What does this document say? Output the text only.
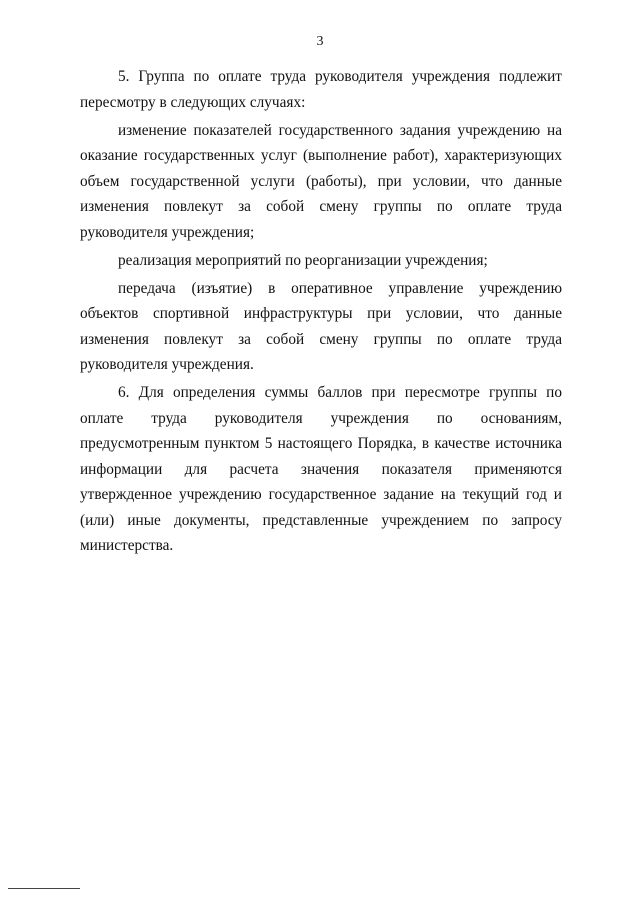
3

5. Группа по оплате труда руководителя учреждения подлежит пересмотру в следующих случаях:

изменение показателей государственного задания учреждению на оказание государственных услуг (выполнение работ), характеризующих объем государственной услуги (работы), при условии, что данные изменения повлекут за собой смену группы по оплате труда руководителя учреждения;

реализация мероприятий по реорганизации учреждения;

передача (изъятие) в оперативное управление учреждению объектов спортивной инфраструктуры при условии, что данные изменения повлекут за собой смену группы по оплате труда руководителя учреждения.

6. Для определения суммы баллов при пересмотре группы по оплате труда руководителя учреждения по основаниям, предусмотренным пунктом 5 настоящего Порядка, в качестве источника информации для расчета значения показателя применяются утвержденное учреждению государственное задание на текущий год и (или) иные документы, представленные учреждением по запросу министерства.
